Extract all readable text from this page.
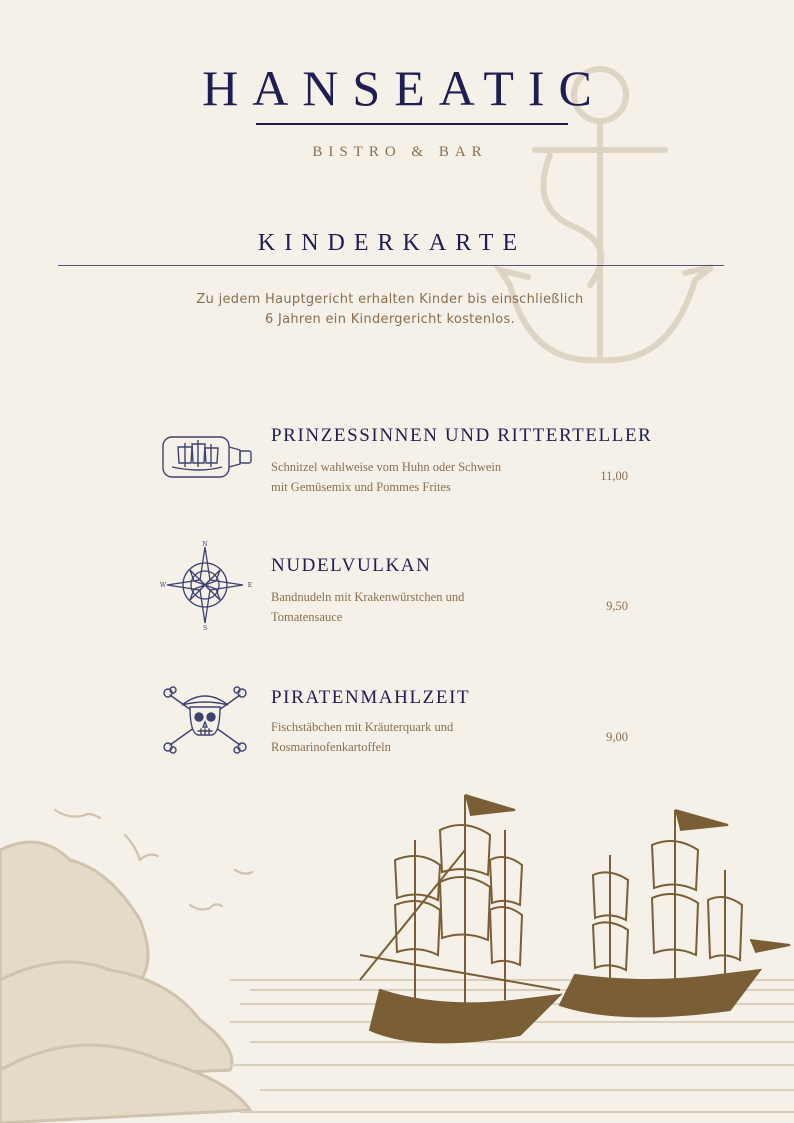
HANSEATIC
BISTRO & BAR
KINDERKARTE
Zu jedem Hauptgericht erhalten Kinder bis einschließlich
6 Jahren ein Kindergericht kostenlos.
PRINZESSINNEN UND RITTERTELLER
Schnitzel wahlweise vom Huhn oder Schwein
mit Gemüsemix und Pommes Frites
11,00
N
S
E
W
NUDELVULKAN
Bandnudeln mit Krakenwürstchen und
Tomatensauce
9,50
PIRATENMAHLZEIT
Fischstäbchen mit Kräuterquark und
Rosmarinofenkartoffeln
9,00
